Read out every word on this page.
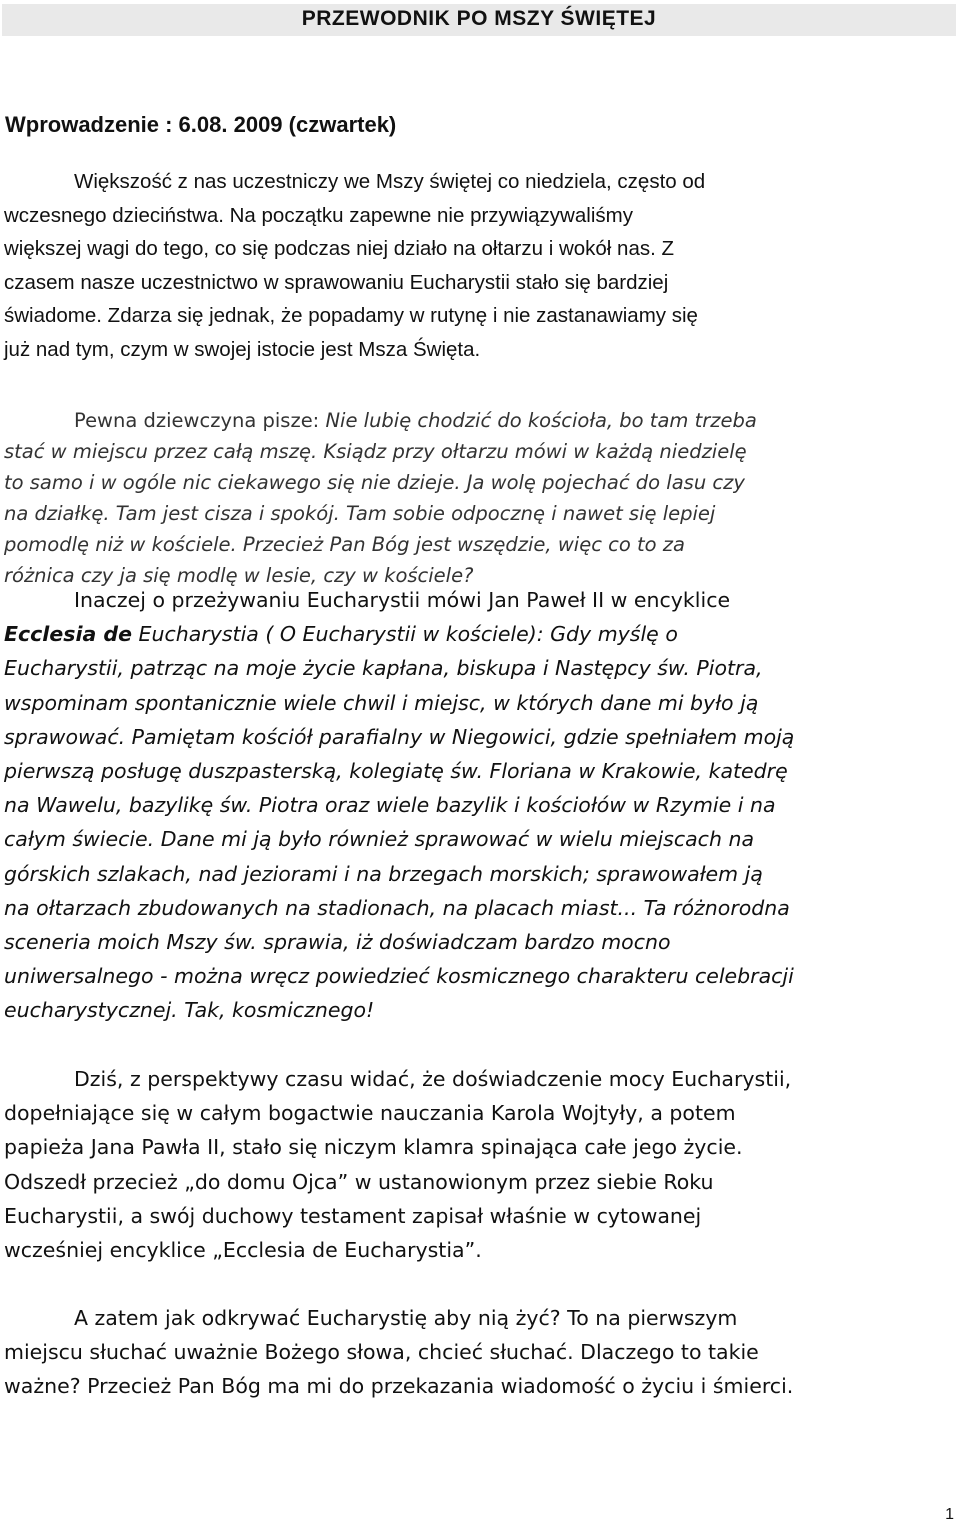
PRZEWODNIK PO MSZY ŚWIĘTEJ
Wprowadzenie : 6.08. 2009 (czwartek)

Większość z nas uczestniczy we Mszy świętej co niedziela, często od

wczesnego dzieciństwa. Na początku zapewne nie przywiązywaliśmy

większej wagi do tego, co się podczas niej działo na ołtarzu i wokół nas. Z

czasem nasze uczestnictwo w sprawowaniu Eucharystii stało się bardziej

świadome. Zdarza się jednak, że popadamy w rutynę i nie zastanawiamy się

już nad tym, czym w swojej istocie jest Msza Święta.

Pewna dziewczyna pisze: Nie lubię chodzić do kościoła, bo tam trzeba

stać w miejscu przez całą mszę. Ksiądz przy ołtarzu mówi w każdą niedzielę

to samo i w ogóle nic ciekawego się nie dzieje. Ja wolę pojechać do lasu czy

na działkę. Tam jest cisza i spokój. Tam sobie odpocznę i nawet się lepiej

pomodlę niż w kościele. Przecież Pan Bóg jest wszędzie, więc co to za

różnica czy ja się modlę w lesie, czy w kościele?

Inaczej o przeżywaniu Eucharystii mówi Jan Paweł II w encyklice

Ecclesia de Eucharystia ( O Eucharystii w kościele): Gdy myślę o

Eucharystii, patrząc na moje życie kapłana, biskupa i Następcy św. Piotra,

wspominam spontanicznie wiele chwil i miejsc, w których dane mi było ją

sprawować. Pamiętam kościół parafialny w Niegowici, gdzie spełniałem moją

pierwszą posługę duszpasterską, kolegiatę św. Floriana w Krakowie, katedrę

na Wawelu, bazylikę św. Piotra oraz wiele bazylik i kościołów w Rzymie i na

całym świecie. Dane mi ją było również sprawować w wielu miejscach na

górskich szlakach, nad jeziorami i na brzegach morskich; sprawowałem ją

na ołtarzach zbudowanych na stadionach, na placach miast... Ta różnorodna

sceneria moich Mszy św. sprawia, iż doświadczam bardzo mocno

uniwersalnego - można wręcz powiedzieć kosmicznego charakteru celebracji

eucharystycznej. Tak, kosmicznego!

Dziś, z perspektywy czasu widać, że doświadczenie mocy Eucharystii,

dopełniające się w całym bogactwie nauczania Karola Wojtyły, a potem

papieża Jana Pawła II, stało się niczym klamra spinająca całe jego życie.

Odszedł przecież „do domu Ojca” w ustanowionym przez siebie Roku

Eucharystii, a swój duchowy testament zapisał właśnie w cytowanej

wcześniej encyklice „Ecclesia de Eucharystia”.

A zatem jak odkrywać Eucharystię aby nią żyć? To na pierwszym

miejscu słuchać uważnie Bożego słowa, chcieć słuchać. Dlaczego to takie

ważne? Przecież Pan Bóg ma mi do przekazania wiadomość o życiu i śmierci.

1
